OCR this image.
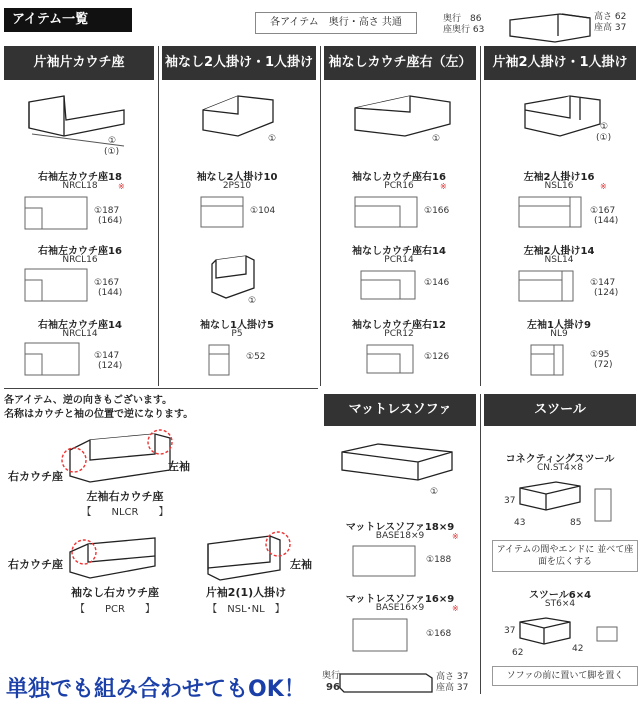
アイテム一覧	各アイテム　奥行・高さ 共通	奥行　86
座奥行 63
高さ 62
座高 37
片袖片カウチ座	袖なし2人掛け・1人掛け	袖なしカウチ座右（左）	片袖2人掛け・1人掛け
①
(①)
右袖左カウチ座18
NRCL18	※
①187
(164)
右袖左カウチ座16
NRCL16
①167
(144)
右袖左カウチ座14
NRCL14
①147
(124)
①
袖なし2人掛け10
2PS10
①104
①
袖なし1人掛け5
P5
①52
①
袖なしカウチ座右16
PCR16	※
①166
袖なしカウチ座右14
PCR14
①146
袖なしカウチ座右12
PCR12
①126
①
(①)
左袖2人掛け16
NSL16	※
①167
(144)
左袖2人掛け14
NSL14
①147
(124)
左袖1人掛け9
NL9
①95
(72)
各アイテム、逆の向きもございます。
名称はカウチと袖の位置で逆になります。
右カウチ座
左袖
左袖右カウチ座
【　　NLCR　　】
右カウチ座
袖なし右カウチ座
【　　PCR　　】
左袖
片袖2(1)人掛け
【　NSL･NL　】
単独でも組み合わせてもOK！
マットレスソファ
①
マットレスソファ18×9
BASE18×9	※
①188
マットレスソファ16×9
BASE16×9	※
①168
奥行
96
高さ 37
座高 37
スツール
コネクティングスツール
CN.ST4×8
37
43	85
アイテムの間やエンドに 並べて座面を広くする
スツール6×4
ST6×4
37
62	42
ソファの前に置いて脚を置く
